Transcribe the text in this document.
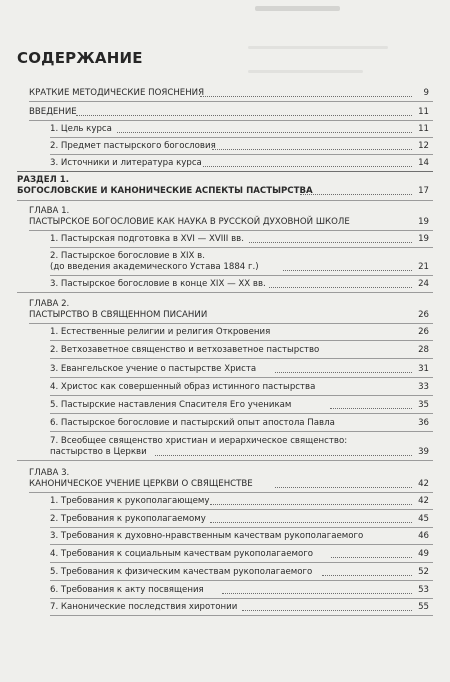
СОДЕРЖАНИЕ
КРАТКИЕ МЕТОДИЧЕСКИЕ ПОЯСНЕНИЯ	9
ВВЕДЕНИЕ	11
1. Цель курса	11
2. Предмет пастырского богословия	12
3. Источники и литература курса	14
РАЗДЕЛ 1.
БОГОСЛОВСКИЕ И КАНОНИЧЕСКИЕ АСПЕКТЫ ПАСТЫРСТВА	17
ГЛАВА 1.
ПАСТЫРСКОЕ БОГОСЛОВИЕ КАК НАУКА В РУССКОЙ ДУХОВНОЙ ШКОЛЕ	19
1. Пастырская подготовка в XVI — XVIII вв.	19
2. Пастырское богословие в XIX в.
(до введения академического Устава 1884 г.)	21
3. Пастырское богословие в конце XIX — XX вв.	24
ГЛАВА 2.
ПАСТЫРСТВО В СВЯЩЕННОМ ПИСАНИИ	26
1. Естественные религии и религия Откровения	26
2. Ветхозаветное священство и ветхозаветное пастырство	28
3. Евангельское учение о пастырстве Христа	31
4. Христос как совершенный образ истинного пастырства	33
5. Пастырские наставления Спасителя Его ученикам	35
6. Пастырское богословие и пастырский опыт апостола Павла	36
7. Всеобщее священство христиан и иерархическое священство:
пастырство в Церкви	39
ГЛАВА 3.
КАНОНИЧЕСКОЕ УЧЕНИЕ ЦЕРКВИ О СВЯЩЕНСТВЕ	42
1. Требования к рукополагающему	42
2. Требования к рукополагаемому	45
3. Требования к духовно-нравственным качествам рукополагаемого	46
4. Требования к социальным качествам рукополагаемого	49
5. Требования к физическим качествам рукополагаемого	52
6. Требования к акту посвящения	53
7. Канонические последствия хиротонии	55
